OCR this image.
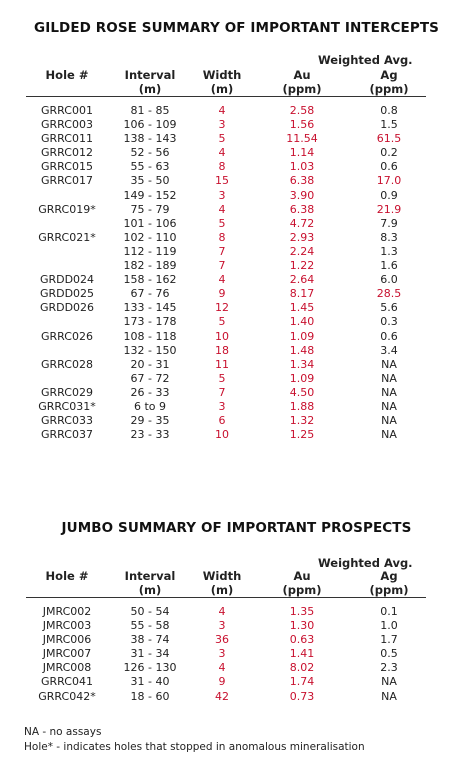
GILDED ROSE SUMMARY OF IMPORTANT INTERCEPTS
Weighted Avg.
Hole #	Interval	Width	Au	Ag
	(m)	(m)	(ppm)	(ppm)

GRRC001	81 - 85	4	2.58	0.8
GRRC003	106 - 109	3	1.56	1.5
GRRC011	138 - 143	5	11.54	61.5
GRRC012	52 - 56	4	1.14	0.2
GRRC015	55 - 63	8	1.03	0.6
GRRC017	35 - 50	15	6.38	17.0
	149 - 152	3	3.90	0.9
GRRC019*	75 - 79	4	6.38	21.9
	101 - 106	5	4.72	7.9
GRRC021*	102 - 110	8	2.93	8.3
	112 - 119	7	2.24	1.3
	182 - 189	7	1.22	1.6
GRDD024	158 - 162	4	2.64	6.0
GRDD025	67 - 76	9	8.17	28.5
GRDD026	133 - 145	12	1.45	5.6
	173 - 178	5	1.40	0.3
GRRC026	108 - 118	10	1.09	0.6
	132 - 150	18	1.48	3.4
GRRC028	20 - 31	11	1.34	NA
	67 - 72	5	1.09	NA
GRRC029	26 - 33	7	4.50	NA
GRRC031*	6 to 9	3	1.88	NA
GRRC033	29 - 35	6	1.32	NA
GRRC037	23 - 33	10	1.25	NA
JUMBO SUMMARY OF IMPORTANT PROSPECTS
Weighted Avg.
Hole #	Interval	Width	Au	Ag
	(m)	(m)	(ppm)	(ppm)

JMRC002	50 - 54	4	1.35	0.1
JMRC003	55 - 58	3	1.30	1.0
JMRC006	38 - 74	36	0.63	1.7
JMRC007	31 - 34	3	1.41	0.5
JMRC008	126 - 130	4	8.02	2.3
GRRC041	31 - 40	9	1.74	NA
GRRC042*	18 - 60	42	0.73	NA
NA - no assays
Hole* - indicates holes that stopped in anomalous mineralisation
